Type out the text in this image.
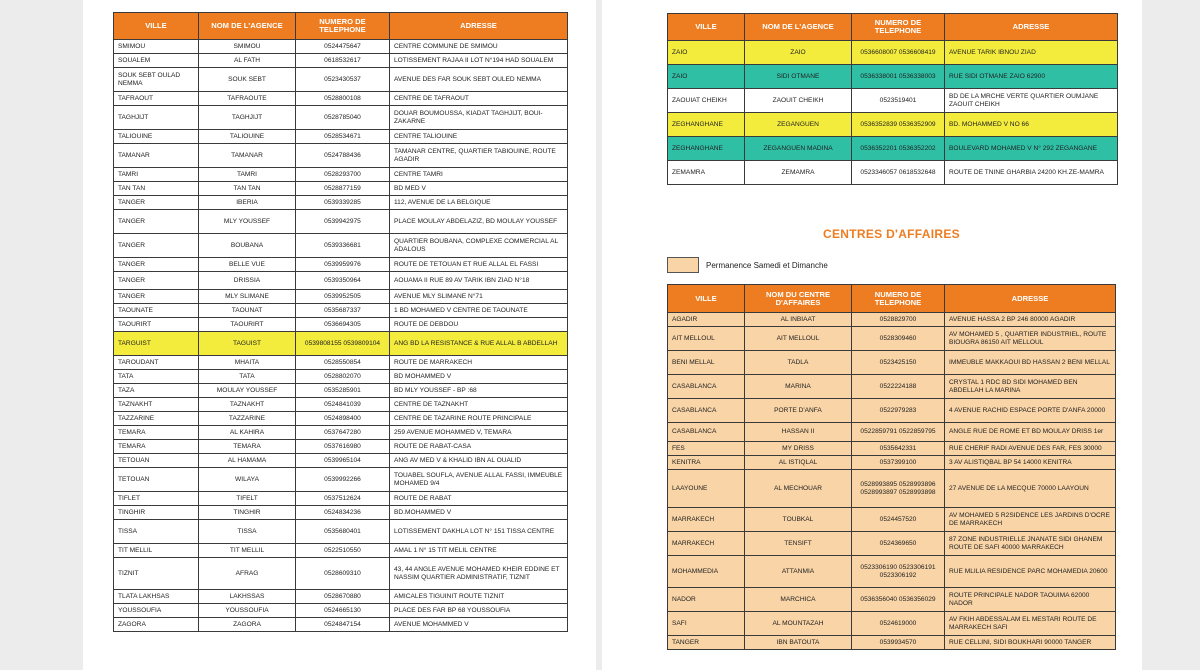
VILLE	NOM DE L'AGENCE	NUMERO DE TELEPHONE	ADRESSE
SMIMOU	SMIMOU	0524475647	CENTRE COMMUNE DE SMIMOU
SOUALEM	AL FATH	0618532617	LOTISSEMENT RAJAA II LOT N°194 HAD SOUALEM
SOUK SEBT OULAD NEMMA	SOUK SEBT	0523430537	AVENUE DES FAR SOUK SEBT OULED NEMMA
TAFRAOUT	TAFRAOUTE	0528800108	CENTRE DE TAFRAOUT
TAGHJIJT	TAGHJIJT	0528785040	DOUAR BOUMOUSSA, KIADAT TAGHJIJT, BOUI-ZAKARNE
TALIOUINE	TALIOUINE	0528534671	CENTRE TALIOUINE
TAMANAR	TAMANAR	0524788436	TAMANAR CENTRE, QUARTIER TABIOUINE, ROUTE AGADIR
TAMRI	TAMRI	0528293700	CENTRE TAMRI
TAN TAN	TAN TAN	0528877159	BD MED V
TANGER	IBERIA	0539339285	112, AVENUE DE LA BELGIQUE
TANGER	MLY YOUSSEF	0539942975	PLACE MOULAY ABDELAZIZ, BD MOULAY YOUSSEF
TANGER	BOUBANA	0539336681	QUARTIER BOUBANA, COMPLEXE COMMERCIAL AL ADALOUS
TANGER	BELLE VUE	0539959976	ROUTE DE TETOUAN ET RUE ALLAL EL FASSI
TANGER	DRISSIA	0539350964	AOUAMA II RUE 89 AV TARIK IBN ZIAD N°18
TANGER	MLY SLIMANE	0539952505	AVENUE MLY SLIMANE N°71
TAOUNATE	TAOUNAT	0535687337	1 BD MOHAMED V CENTRE DE TAOUNATE
TAOURIRT	TAOURIRT	0536694305	ROUTE DE DEBDOU
TARGUIST	TAGUIST	0539808155 0539809104	ANG BD LA RESISTANCE & RUE ALLAL B ABDELLAH
TAROUDANT	MHAITA	0528550854	ROUTE DE MARRAKECH
TATA	TATA	0528802070	BD MOHAMMED V
TAZA	MOULAY YOUSSEF	0535285901	BD MLY YOUSSEF - BP :68
TAZNAKHT	TAZNAKHT	0524841039	CENTRE DE TAZNAKHT
TAZZARINE	TAZZARINE	0524898400	CENTRE DE TAZARINE ROUTE PRINCIPALE
TEMARA	AL KAHIRA	0537647280	259 AVENUE MOHAMMED V, TEMARA
TEMARA	TEMARA	0537616980	ROUTE DE RABAT-CASA
TETOUAN	AL HAMAMA	0539965104	ANG AV MED V & KHALID IBN AL OUALID
TETOUAN	WILAYA	0539992266	TOUABEL SOUFLA, AVENUE ALLAL FASSI, IMMEUBLE MOHAMED 9/4
TIFLET	TIFELT	0537512624	ROUTE DE RABAT
TINGHIR	TINGHIR	0524834236	BD.MOHAMMED V
TISSA	TISSA	0535680401	LOTISSEMENT DAKHLA LOT N° 151 TISSA CENTRE
TIT MELLIL	TIT MELLIL	0522510550	AMAL 1 N° 15 TIT MELIL CENTRE
TIZNIT	AFRAG	0528609310	43, 44 ANGLE AVENUE MOHAMED KHEIR EDDINE ET NASSIM QUARTIER ADMINISTRATIF, TIZNIT
TLATA LAKHSAS	LAKHSSAS	0528670880	AMICALES TIGUINIT ROUTE TIZNIT
YOUSSOUFIA	YOUSSOUFIA	0524665130	PLACE DES FAR BP 68 YOUSSOUFIA
ZAGORA	ZAGORA	0524847154	AVENUE MOHAMMED V
VILLE	NOM DE L'AGENCE	NUMERO DE TELEPHONE	ADRESSE
ZAIO	ZAIO	0536608007 0536608419	AVENUE TARIK IBNOU ZIAD
ZAIO	SIDI OTMANE	0536338001 0536338003	RUE SIDI OTMANE ZAIO 62900
ZAOUIAT CHEIKH	ZAOUIT CHEIKH	0523519401	BD DE LA MRCHE VERTE QUARTIER OUMJANE ZAOUIT CHEIKH
ZEGHANGHANE	ZEGANGUEN	0536352839 0536352909	BD. MOHAMMED V NO 66
ZEGHANGHANE	ZEGANGUEN MADINA	0536352201 0536352202	BOULEVARD MOHAMED V N° 292 ZEGANGANE
ZEMAMRA	ZEMAMRA	0523346057 0618532648	ROUTE DE TNINE GHARBIA 24200 KH.ZE-MAMRA
CENTRES D'AFFAIRES
Permanence Samedi et Dimanche
VILLE	NOM DU CENTRE D'AFFAIRES	NUMERO DE TELEPHONE	ADRESSE
AGADIR	AL INBIAAT	0528829700	AVENUE HASSA 2 BP 246 80000 AGADIR
AIT MELLOUL	AIT MELLOUL	0528309460	AV MOHAMED 5 , QUARTIER INDUSTRIEL, ROUTE BIOUGRA 86150 AIT MELLOUL
BENI MELLAL	TADLA	0523425150	IMMEUBLE MAKKAOUI BD HASSAN 2 BENI MELLAL
CASABLANCA	MARINA	0522224188	CRYSTAL 1 RDC BD SIDI MOHAMED BEN ABDELLAH LA MARINA
CASABLANCA	PORTE D'ANFA	0522979283	4 AVENUE RACHID ESPACE PORTE D'ANFA 20000
CASABLANCA	HASSAN II	0522859791 0522859795	ANGLE RUE DE ROME ET BD MOULAY DRISS 1er
FES	MY DRISS	0535642331	RUE CHERIF RADI AVENUE DES FAR, FES 30000
KENITRA	AL ISTIQLAL	0537399100	3 AV ALISTIQBAL BP 54 14000 KENITRA
LAAYOUNE	AL MECHOUAR	0528993895 0528993896 0528993897 0528993898	27 AVENUE DE LA MECQUE 70000 LAAYOUN
MARRAKECH	TOUBKAL	0524457520	AV MOHAMED 5 R2SIDENCE LES JARDINS D'OCRE DE MARRAKECH
MARRAKECH	TENSIFT	0524369650	87 ZONE INDUSTRIELLE JNANATE SIDI GHANEM ROUTE DE SAFI 40000 MARRAKECH
MOHAMMEDIA	ATTANMIA	0523306190 0523306191 0523306192	RUE MLILIA RESIDENCE PARC MOHAMEDIA 20600
NADOR	MARCHICA	0536356040 0536356029	ROUTE PRINCIPALE NADOR TAOUIMA 62000 NADOR
SAFI	AL MOUNTAZAH	0524619000	AV FKIH ABDESSALAM EL MESTARI ROUTE DE MARRAKECH SAFI
TANGER	IBN BATOUTA	0539934570	RUE CELLINI, SIDI BOUKHARI 90000 TANGER
